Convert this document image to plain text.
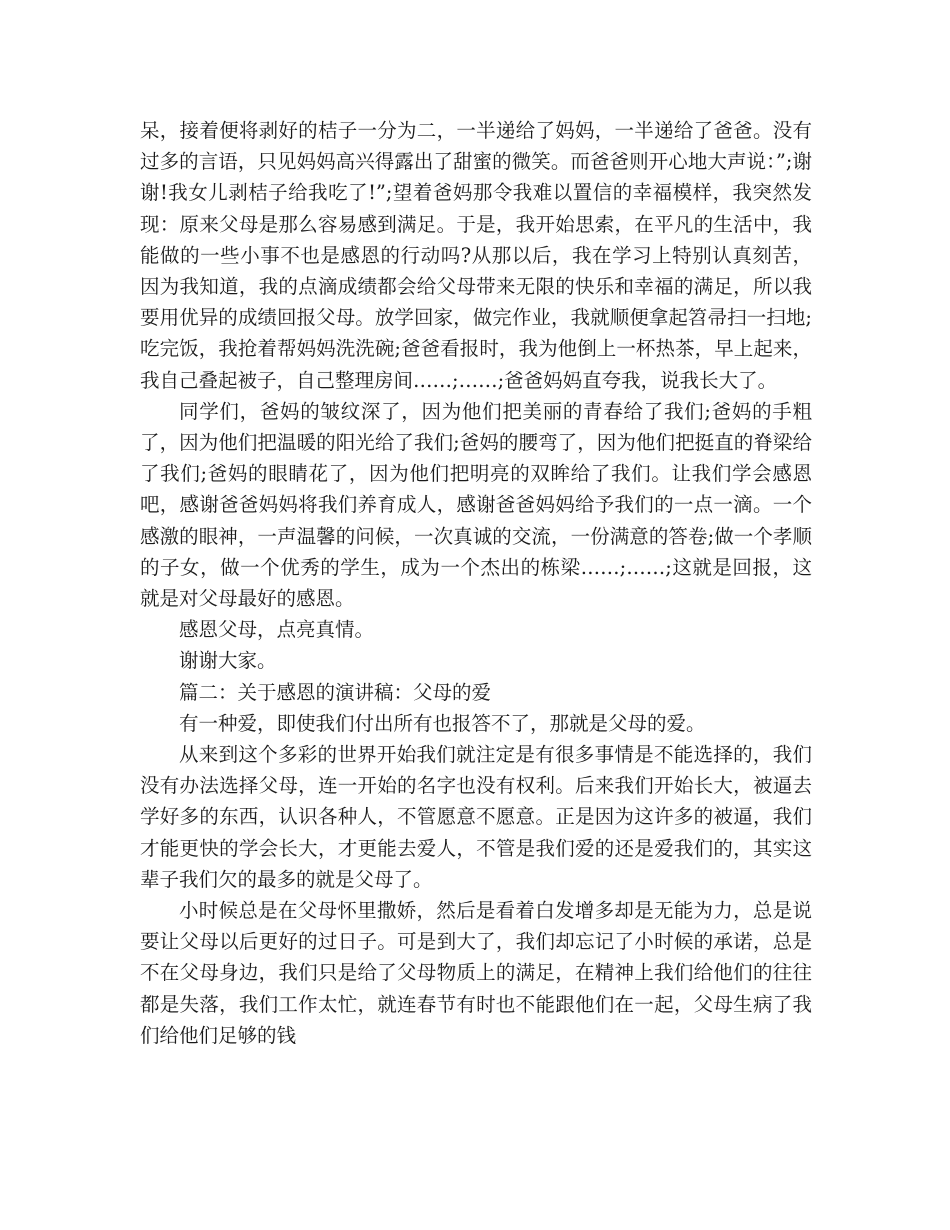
呆，接着便将剥好的桔子一分为二，一半递给了妈妈，一半递给了爸爸。没有过多的言语，只见妈妈高兴得露出了甜蜜的微笑。而爸爸则开心地大声说：”;谢谢!我女儿剥桔子给我吃了!”;望着爸妈那令我难以置信的幸福模样，我突然发现：原来父母是那么容易感到满足。于是，我开始思索，在平凡的生活中，我能做的一些小事不也是感恩的行动吗?从那以后，我在学习上特别认真刻苦，因为我知道，我的点滴成绩都会给父母带来无限的快乐和幸福的满足，所以我要用优异的成绩回报父母。放学回家，做完作业，我就顺便拿起笤帚扫一扫地;吃完饭，我抢着帮妈妈洗洗碗;爸爸看报时，我为他倒上一杯热茶，早上起来，我自己叠起被子，自己整理房间……;……;爸爸妈妈直夸我，说我长大了。

同学们，爸妈的皱纹深了，因为他们把美丽的青春给了我们;爸妈的手粗了，因为他们把温暖的阳光给了我们;爸妈的腰弯了，因为他们把挺直的脊梁给了我们;爸妈的眼睛花了，因为他们把明亮的双眸给了我们。让我们学会感恩吧，感谢爸爸妈妈将我们养育成人，感谢爸爸妈妈给予我们的一点一滴。一个感激的眼神，一声温馨的问候，一次真诚的交流，一份满意的答卷;做一个孝顺的子女，做一个优秀的学生，成为一个杰出的栋梁……;……;这就是回报，这就是对父母最好的感恩。

感恩父母，点亮真情。

谢谢大家。

篇二：关于感恩的演讲稿：父母的爱

有一种爱，即使我们付出所有也报答不了，那就是父母的爱。

从来到这个多彩的世界开始我们就注定是有很多事情是不能选择的，我们没有办法选择父母，连一开始的名字也没有权利。后来我们开始长大，被逼去学好多的东西，认识各种人，不管愿意不愿意。正是因为这许多的被逼，我们才能更快的学会长大，才更能去爱人，不管是我们爱的还是爱我们的，其实这辈子我们欠的最多的就是父母了。

小时候总是在父母怀里撒娇，然后是看着白发增多却是无能为力，总是说要让父母以后更好的过日子。可是到大了，我们却忘记了小时候的承诺，总是不在父母身边，我们只是给了父母物质上的满足，在精神上我们给他们的往往都是失落，我们工作太忙，就连春节有时也不能跟他们在一起，父母生病了我们给他们足够的钱
